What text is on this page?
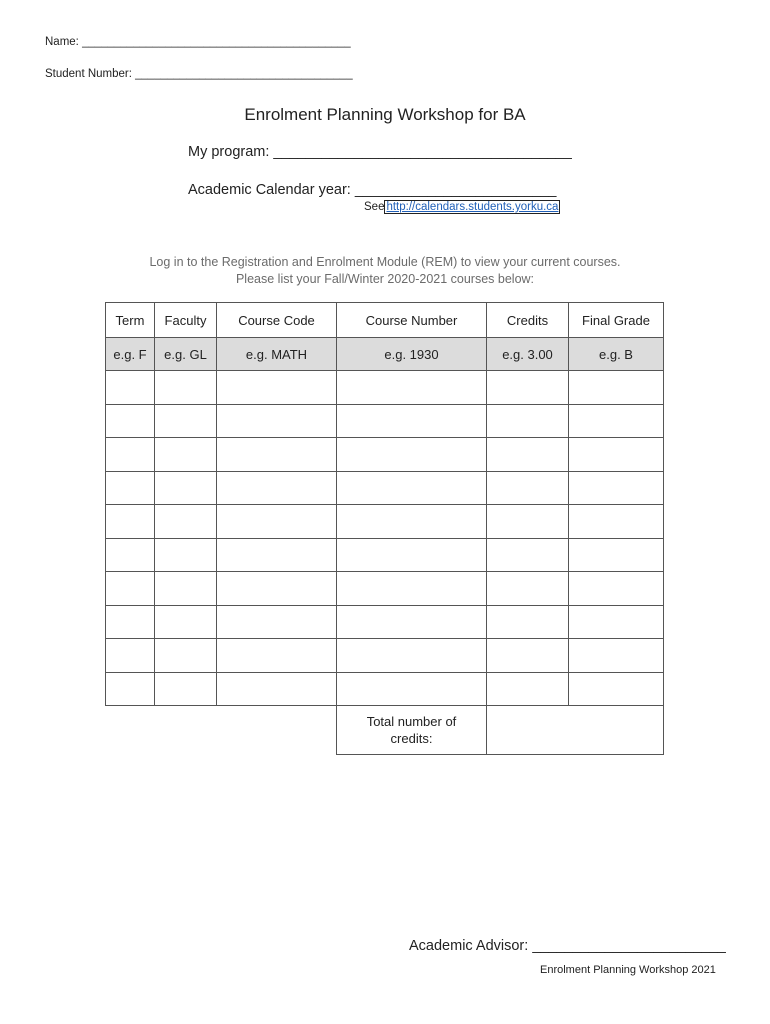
Name: __________________________________________
Student Number: __________________________________
Enrolment Planning Workshop for BA
My program: _____________________________________
Academic Calendar year: _________________________
See http://calendars.students.yorku.ca
Log in to the Registration and Enrolment Module (REM) to view your current courses.
Please list your Fall/Winter 2020-2021 courses below:
Term	Faculty	Course Code	Course Number	Credits	Final Grade
e.g. F	e.g. GL	e.g. MATH	e.g. 1930	e.g. 3.00	e.g. B

			Total number of
credits:		

Academic Advisor: ________________________
Enrolment Planning Workshop 2021
